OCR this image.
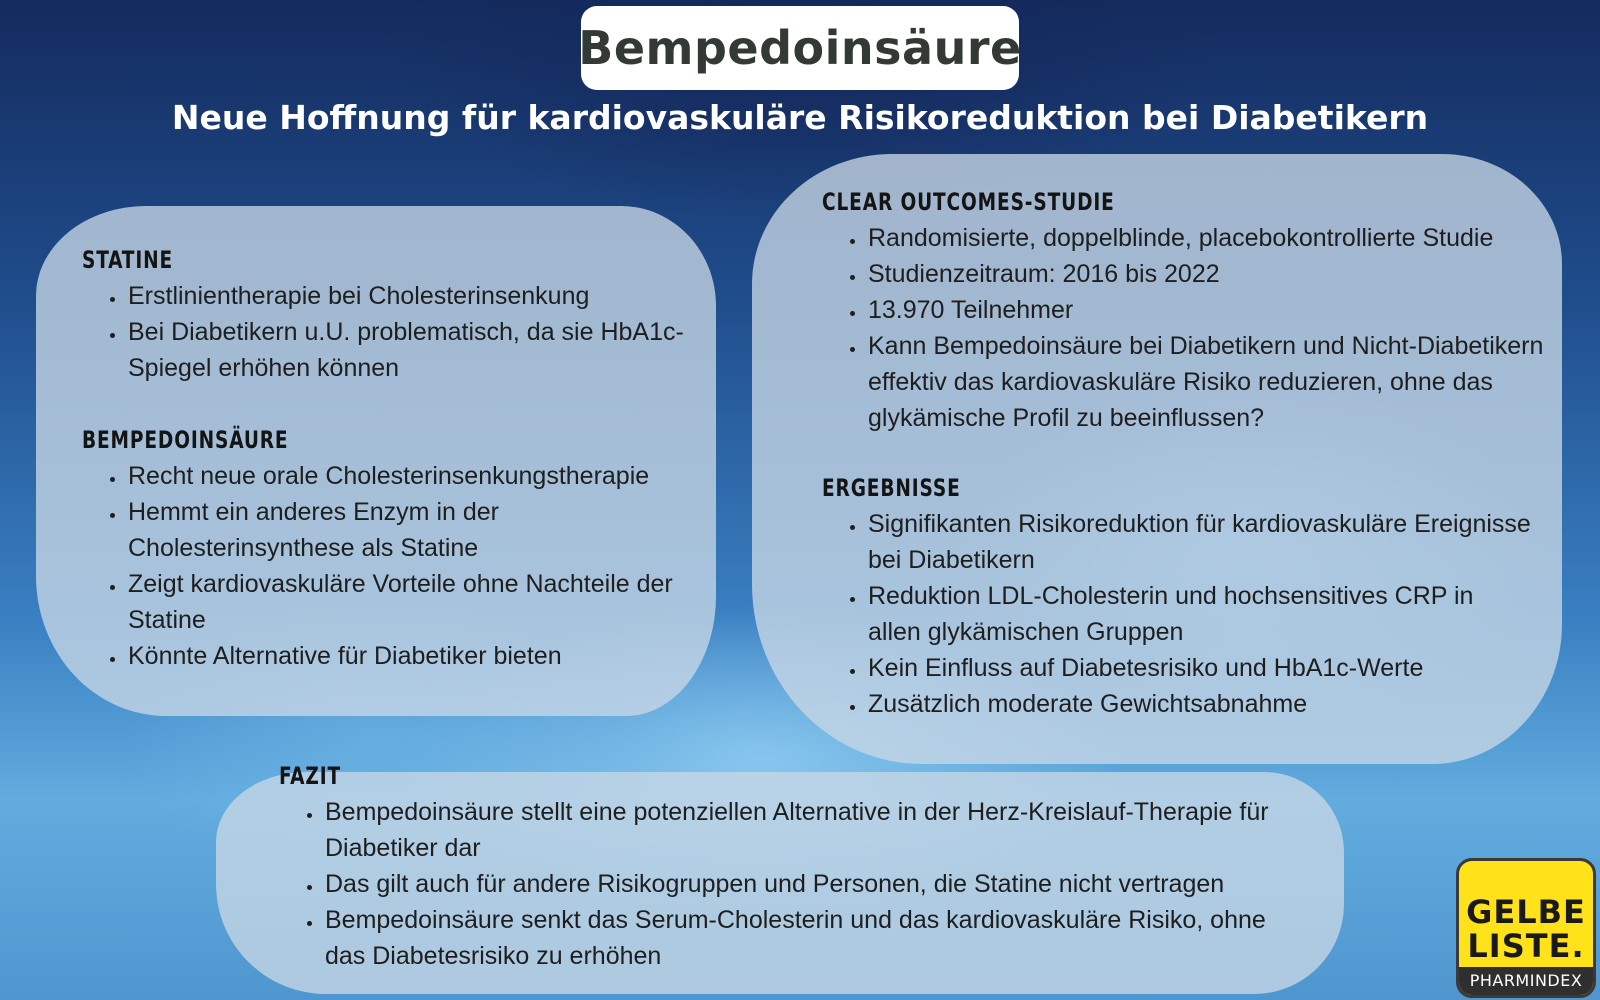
Bempedoinsäure
Neue Hoffnung für kardiovaskuläre Risikoreduktion bei Diabetikern
STATINE
• Erstlinientherapie bei Cholesterinsenkung
• Bei Diabetikern u.U. problematisch, da sie HbA1c-Spiegel erhöhen können
BEMPEDOINSÄURE
• Recht neue orale Cholesterinsenkungstherapie
• Hemmt ein anderes Enzym in der Cholesterinsynthese als Statine
• Zeigt kardiovaskuläre Vorteile ohne Nachteile der Statine
• Könnte Alternative für Diabetiker bieten
CLEAR OUTCOMES-STUDIE
• Randomisierte, doppelblinde, placebokontrollierte Studie
• Studienzeitraum: 2016 bis 2022
• 13.970 Teilnehmer
• Kann Bempedoinsäure bei Diabetikern und Nicht-Diabetikern effektiv das kardiovaskuläre Risiko reduzieren, ohne das glykämische Profil zu beeinflussen?
ERGEBNISSE
• Signifikanten Risikoreduktion für kardiovaskuläre Ereignisse bei Diabetikern
• Reduktion LDL-Cholesterin und hochsensitives CRP in allen glykämischen Gruppen
• Kein Einfluss auf Diabetesrisiko und HbA1c-Werte
• Zusätzlich moderate Gewichtsabnahme
FAZIT
• Bempedoinsäure stellt eine potenziellen Alternative in der Herz-Kreislauf-Therapie für Diabetiker dar
• Das gilt auch für andere Risikogruppen und Personen, die Statine nicht vertragen
• Bempedoinsäure senkt das Serum-Cholesterin und das kardiovaskuläre Risiko, ohne das Diabetesrisiko zu erhöhen
GELBE
LISTE.
PHARMINDEX
